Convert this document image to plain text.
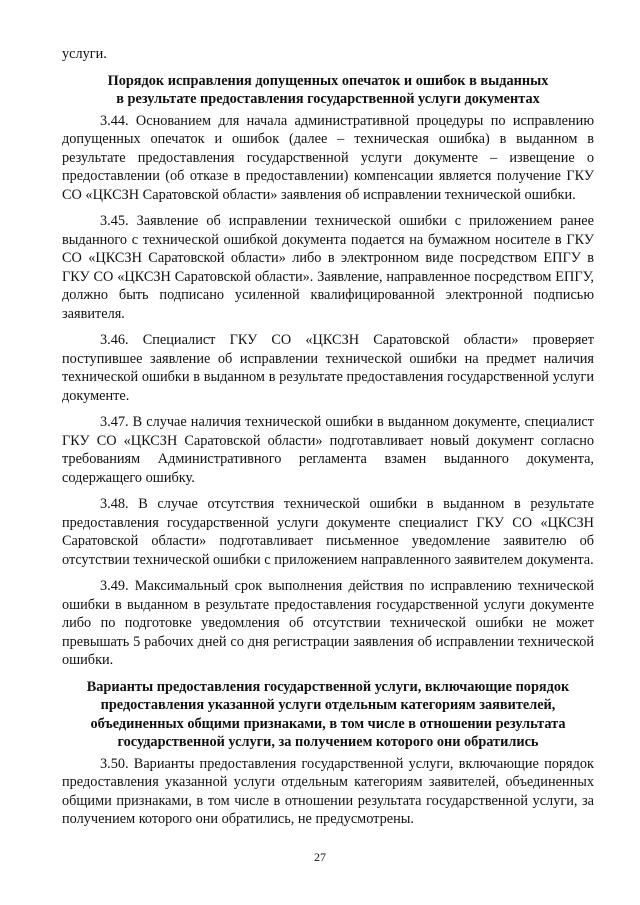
услуги.

Порядок исправления допущенных опечаток и ошибок в выданных
в результате предоставления государственной услуги документах

3.44. Основанием для начала административной процедуры по исправлению допущенных опечаток и ошибок (далее – техническая ошибка) в выданном в результате предоставления государственной услуги документе – извещение о предоставлении (об отказе в предоставлении) компенсации является получение ГКУ СО «ЦКСЗН Саратовской области» заявления об исправлении технической ошибки.

3.45. Заявление об исправлении технической ошибки с приложением ранее выданного с технической ошибкой документа подается на бумажном носителе в ГКУ СО «ЦКСЗН Саратовской области» либо в электронном виде посредством ЕПГУ в ГКУ СО «ЦКСЗН Саратовской области». Заявление, направленное посредством ЕПГУ, должно быть подписано усиленной квалифицированной электронной подписью заявителя.

3.46. Специалист ГКУ СО «ЦКСЗН Саратовской области» проверяет поступившее заявление об исправлении технической ошибки на предмет наличия технической ошибки в выданном в результате предоставления государственной услуги документе.

3.47. В случае наличия технической ошибки в выданном документе, специалист ГКУ СО «ЦКСЗН Саратовской области» подготавливает новый документ согласно требованиям Административного регламента взамен выданного документа, содержащего ошибку.

3.48. В случае отсутствия технической ошибки в выданном в результате предоставления государственной услуги документе специалист ГКУ СО «ЦКСЗН Саратовской области» подготавливает письменное уведомление заявителю об отсутствии технической ошибки с приложением направленного заявителем документа.

3.49. Максимальный срок выполнения действия по исправлению технической ошибки в выданном в результате предоставления государственной услуги документе либо по подготовке уведомления об отсутствии технической ошибки не может превышать 5 рабочих дней со дня регистрации заявления об исправлении технической ошибки.

Варианты предоставления государственной услуги, включающие порядок
предоставления указанной услуги отдельным категориям заявителей,
объединенных общими признаками, в том числе в отношении результата
государственной услуги, за получением которого они обратились

3.50. Варианты предоставления государственной услуги, включающие порядок предоставления указанной услуги отдельным категориям заявителей, объединенных общими признаками, в том числе в отношении результата государственной услуги, за получением которого они обратились, не предусмотрены.

27
